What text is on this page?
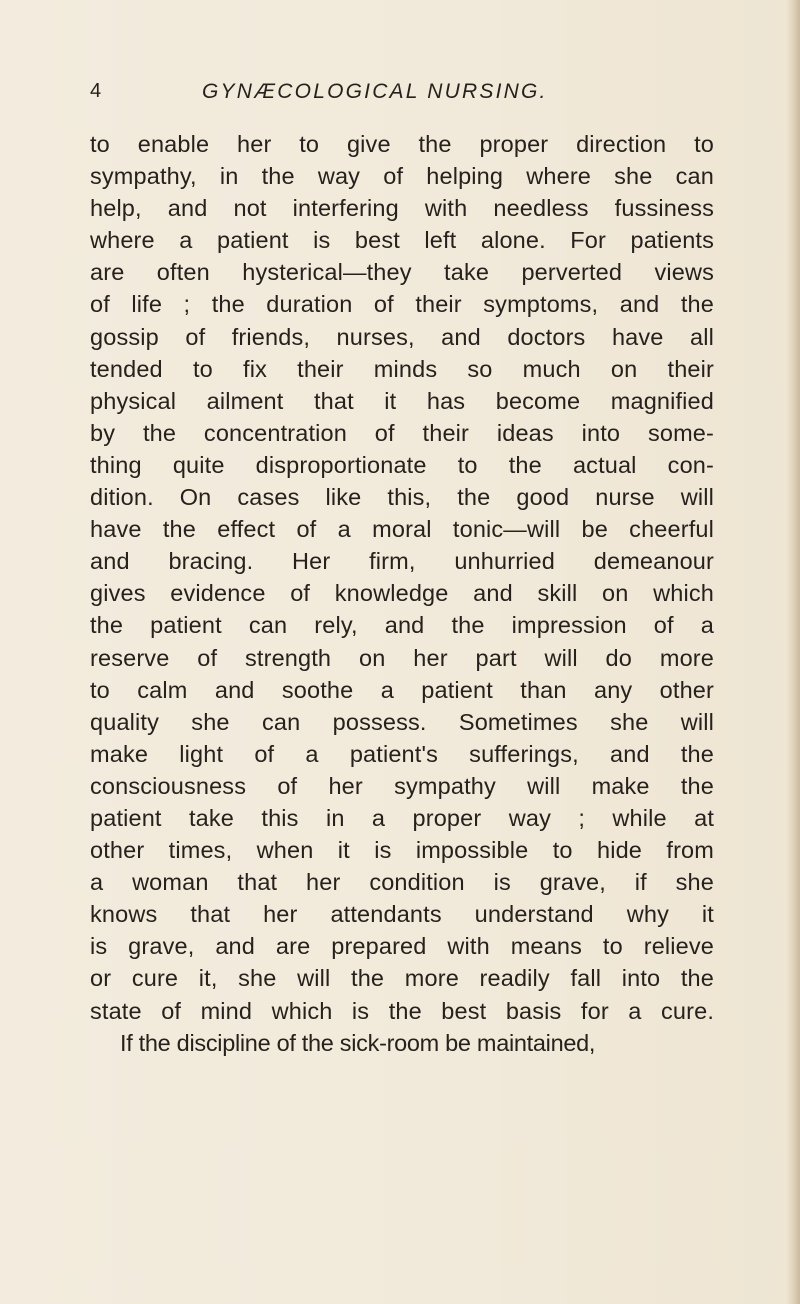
4	GYNÆCOLOGICAL NURSING.
to enable her to give the proper direction to
sympathy, in the way of helping where she can
help, and not interfering with needless fussiness
where a patient is best left alone. For patients
are often hysterical—they take perverted views
of life ; the duration of their symptoms, and the
gossip of friends, nurses, and doctors have all
tended to fix their minds so much on their
physical ailment that it has become magnified
by the concentration of their ideas into some-
thing quite disproportionate to the actual con-
dition. On cases like this, the good nurse will
have the effect of a moral tonic—will be cheerful
and bracing. Her firm, unhurried demeanour
gives evidence of knowledge and skill on which
the patient can rely, and the impression of a
reserve of strength on her part will do more
to calm and soothe a patient than any other
quality she can possess. Sometimes she will
make light of a patient's sufferings, and the
consciousness of her sympathy will make the
patient take this in a proper way ; while at
other times, when it is impossible to hide from
a woman that her condition is grave, if she
knows that her attendants understand why it
is grave, and are prepared with means to relieve
or cure it, she will the more readily fall into the
state of mind which is the best basis for a cure.
If the discipline of the sick-room be maintained,
